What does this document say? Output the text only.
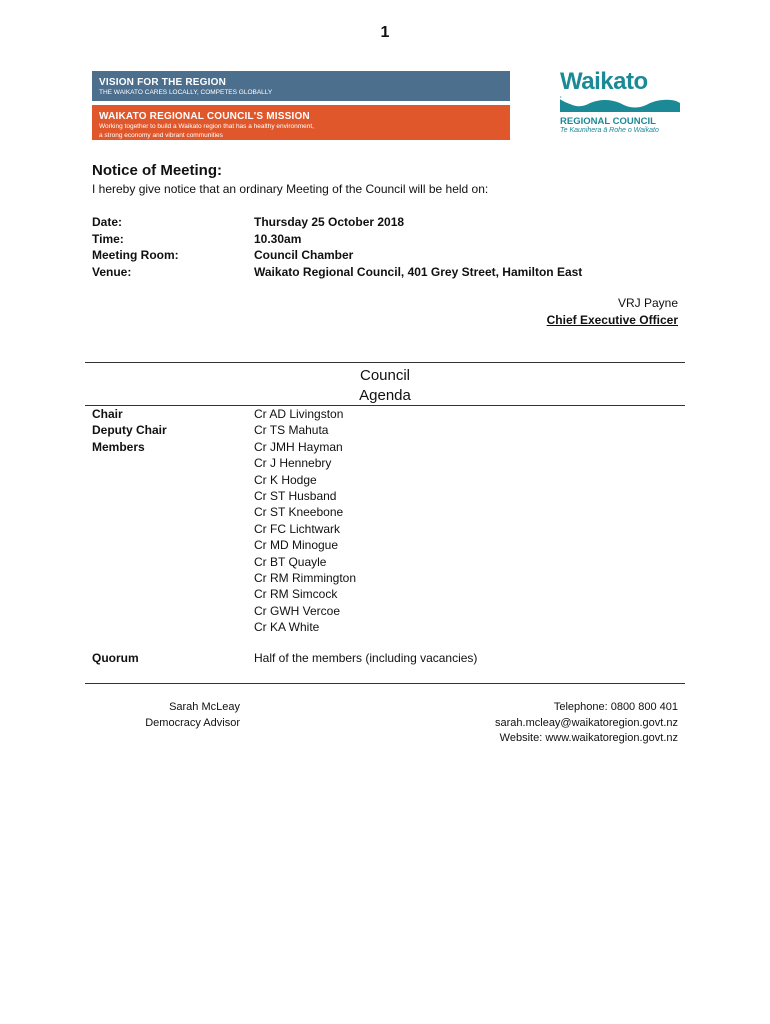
1
VISION FOR THE REGION
THE WAIKATO CARES LOCALLY, COMPETES GLOBALLY
WAIKATO REGIONAL COUNCIL'S MISSION
Working together to build a Waikato region that has a healthy environment,
a strong economy and vibrant communities
Waikato
REGIONAL COUNCIL
Te Kaunihera ā Rohe o Waikato
Notice of Meeting:
I hereby give notice that an ordinary Meeting of the Council will be held on:
Date:	Thursday 25 October 2018
Time:	10.30am
Meeting Room:	Council Chamber
Venue:	Waikato Regional Council, 401 Grey Street, Hamilton East
VRJ Payne
Chief Executive Officer
Council
Agenda
Chair	Cr AD Livingston
Deputy Chair	Cr TS Mahuta
Members	Cr JMH Hayman
Cr J Hennebry
Cr K Hodge
Cr ST Husband
Cr ST Kneebone
Cr FC Lichtwark
Cr MD Minogue
Cr BT Quayle
Cr RM Rimmington
Cr RM Simcock
Cr GWH Vercoe
Cr KA White
Quorum	Half of the members (including vacancies)
Sarah McLeay
Democracy Advisor
Telephone: 0800 800 401
sarah.mcleay@waikatoregion.govt.nz
Website: www.waikatoregion.govt.nz
